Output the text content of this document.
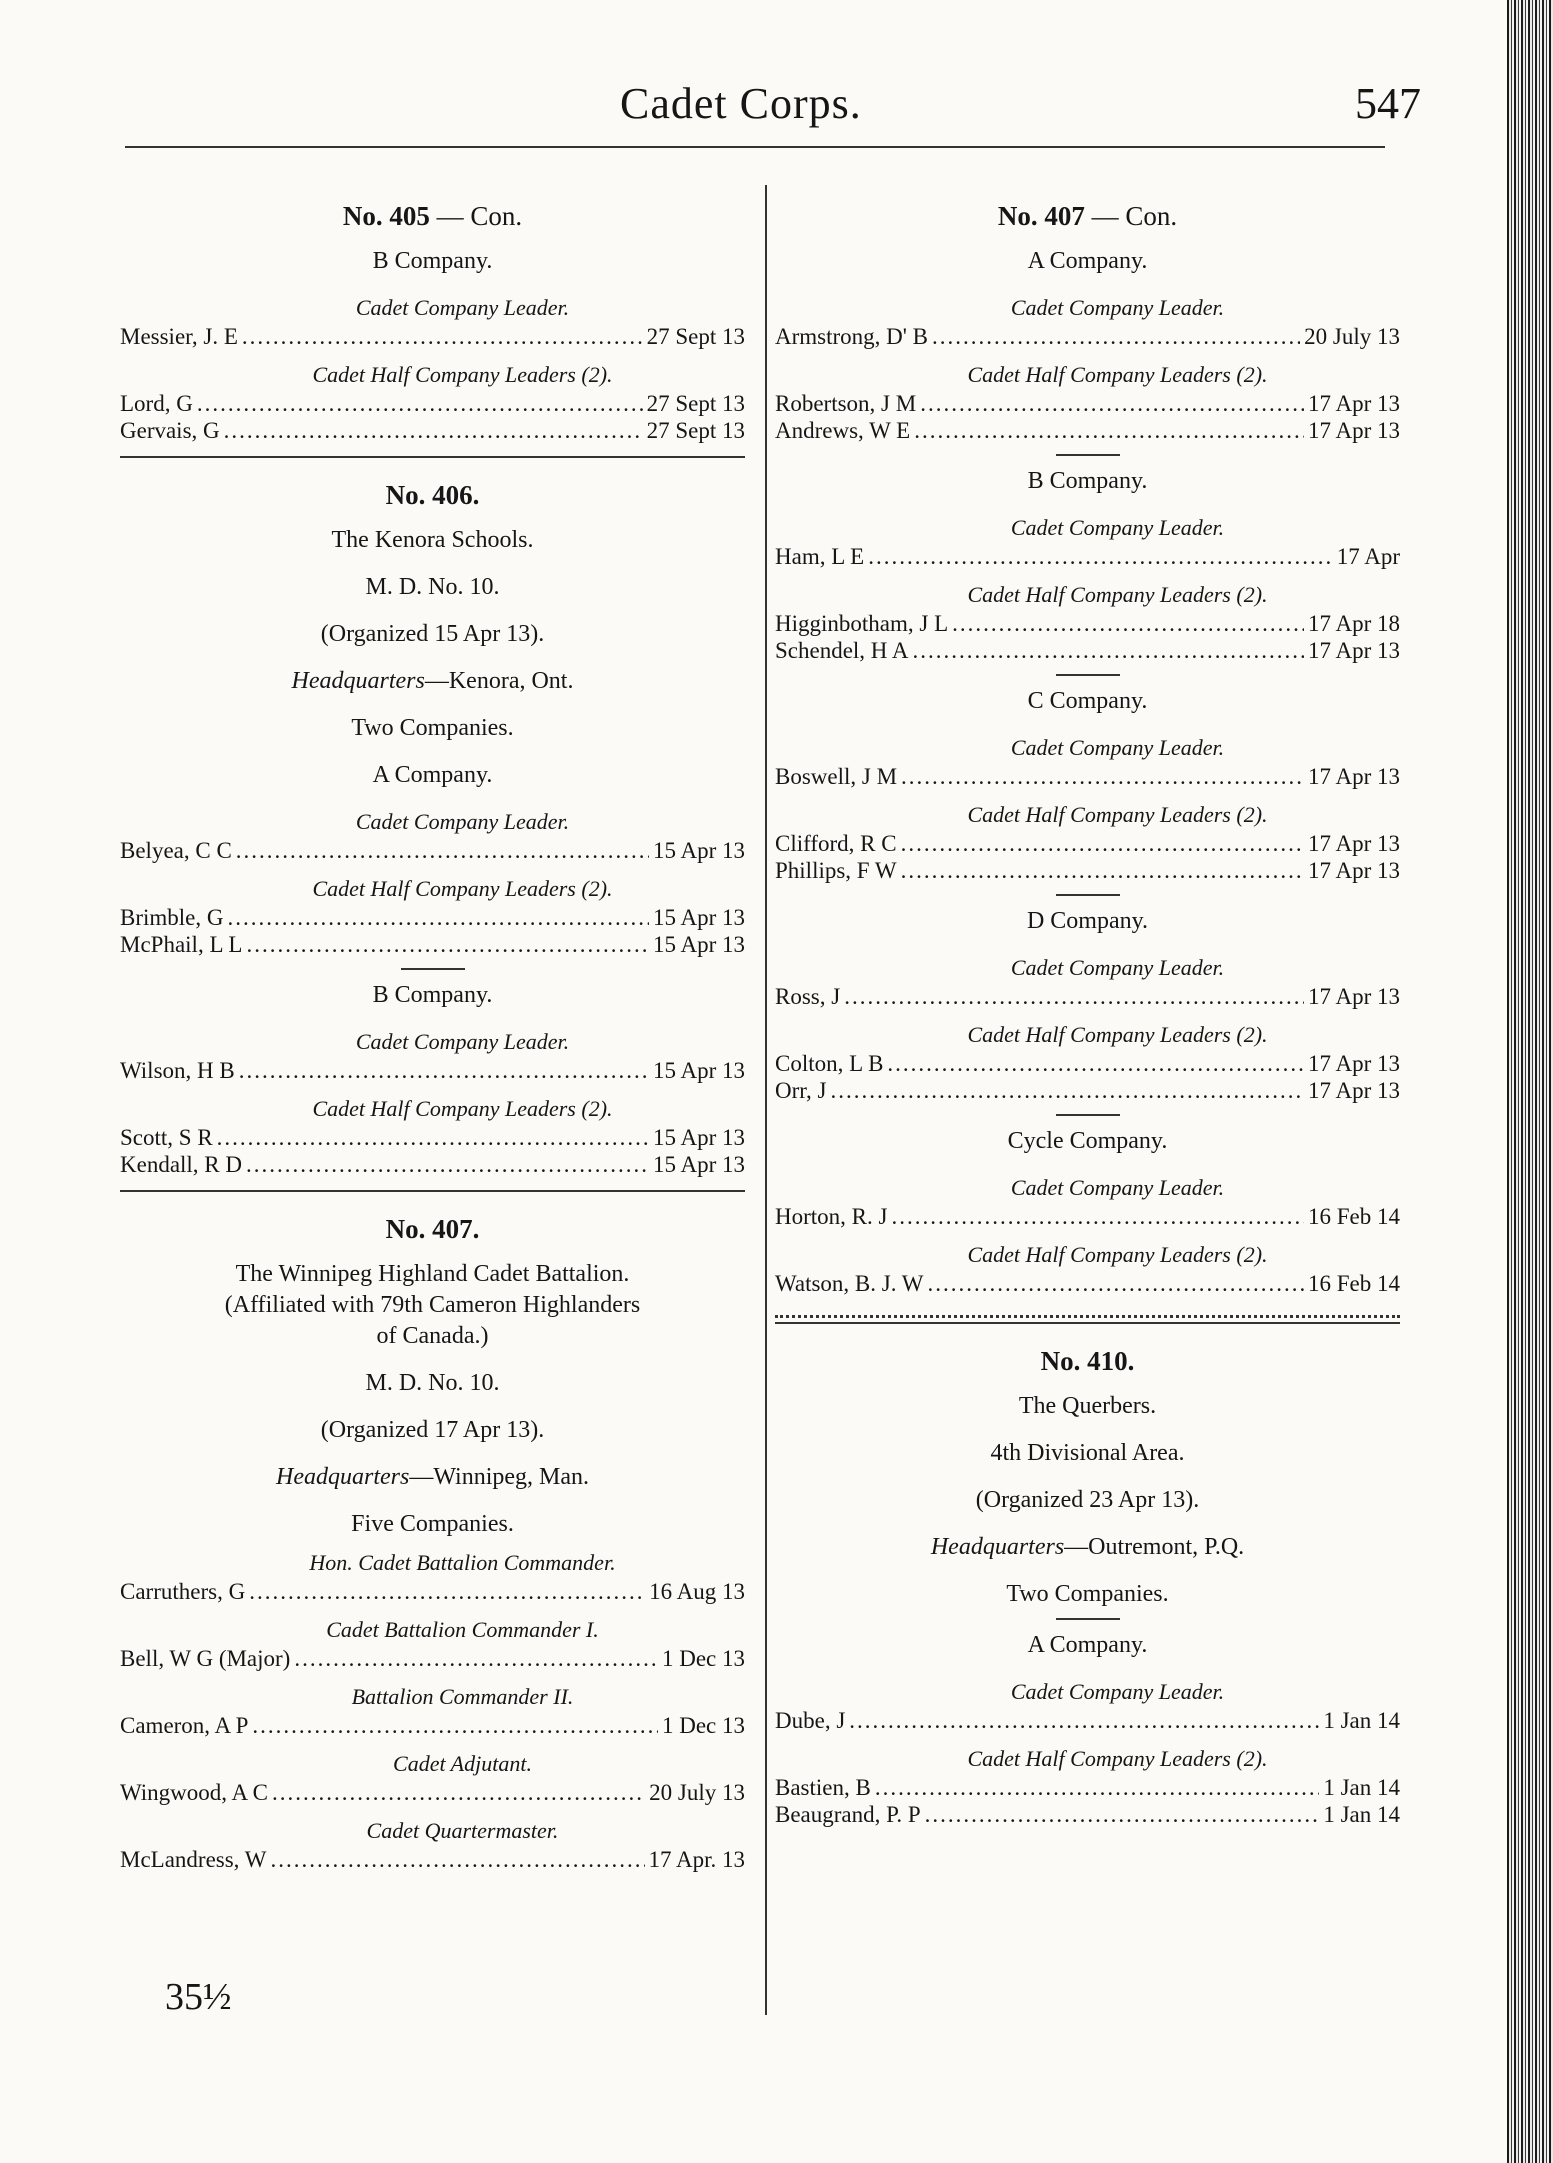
Cadet Corps.	547
No. 405 — Con.
B Company.
Cadet Company Leader.
Messier, J. E .....	27 Sept 13
Cadet Half Company Leaders (2).
Lord, G .....	27 Sept 13
Gervais, G .....	27 Sept 13
No. 406.
The Kenora Schools.
M. D. No. 10.
(Organized 15 Apr 13).
Headquarters—Kenora, Ont.
Two Companies.
A Company.
Cadet Company Leader.
Belyea, C C .....	15 Apr 13
Cadet Half Company Leaders (2).
Brimble, G .....	15 Apr 13
McPhail, L L .....	15 Apr 13
B Company.
Cadet Company Leader.
Wilson, H B .....	15 Apr 13
Cadet Half Company Leaders (2).
Scott, S R .....	15 Apr 13
Kendall, R D .....	15 Apr 13
No. 407.
The Winnipeg Highland Cadet Battalion.
(Affiliated with 79th Cameron Highlanders
of Canada.)
M. D. No. 10.
(Organized 17 Apr 13).
Headquarters—Winnipeg, Man.
Five Companies.
Hon. Cadet Battalion Commander.
Carruthers, G .....	16 Aug 13
Cadet Battalion Commander I.
Bell, W G (Major) .....	1 Dec 13
Battalion Commander II.
Cameron, A P .....	1 Dec 13
Cadet Adjutant.
Wingwood, A C .....	20 July 13
Cadet Quartermaster.
McLandress, W .....	17 Apr. 13
No. 407 — Con.
A Company.
Cadet Company Leader.
Armstrong, D' B .....	20 July 13
Cadet Half Company Leaders (2).
Robertson, J M .....	17 Apr 13
Andrews, W E .....	17 Apr 13
B Company.
Cadet Company Leader.
Ham, L E .....	17 Apr
Cadet Half Company Leaders (2).
Higginbotham, J L .....	17 Apr 18
Schendel, H A .....	17 Apr 13
C Company.
Cadet Company Leader.
Boswell, J M .....	17 Apr 13
Cadet Half Company Leaders (2).
Clifford, R C .....	17 Apr 13
Phillips, F W .....	17 Apr 13
D Company.
Cadet Company Leader.
Ross, J .....	17 Apr 13
Cadet Half Company Leaders (2).
Colton, L B .....	17 Apr 13
Orr, J .....	17 Apr 13
Cycle Company.
Cadet Company Leader.
Horton, R. J .....	16 Feb 14
Cadet Half Company Leaders (2).
Watson, B. J. W .....	16 Feb 14
No. 410.
The Querbers.
4th Divisional Area.
(Organized 23 Apr 13).
Headquarters—Outremont, P.Q.
Two Companies.
A Company.
Cadet Company Leader.
Dube, J .....	1 Jan 14
Cadet Half Company Leaders (2).
Bastien, B .....	1 Jan 14
Beaugrand, P. P .....	1 Jan 14
35½
